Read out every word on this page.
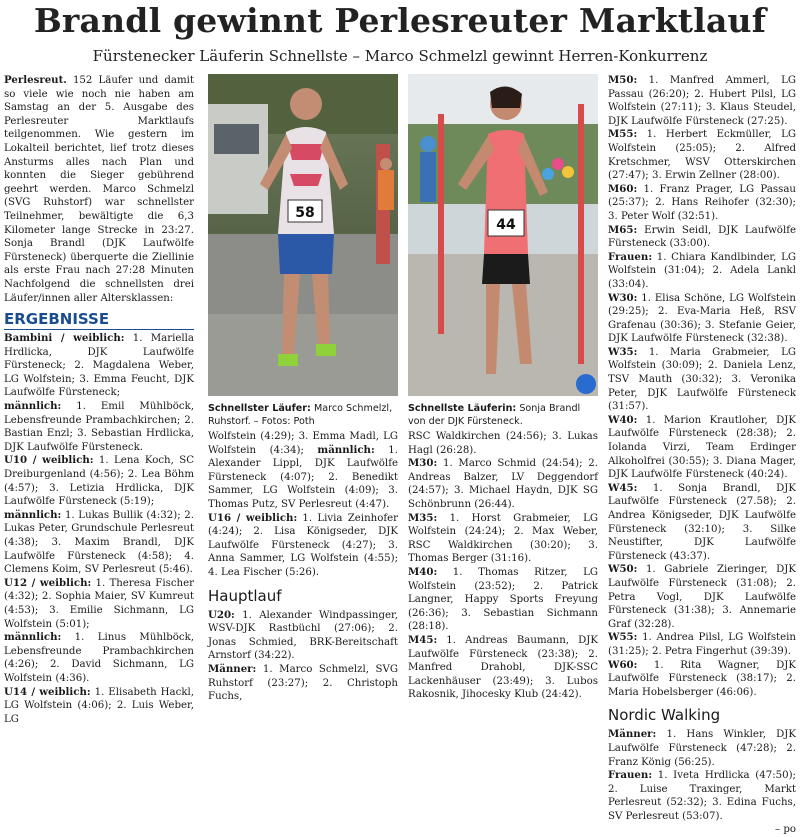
Brandl gewinnt Perlesreuter Marktlauf
Fürstenecker Läuferin Schnellste – Marco Schmelzl gewinnt Herren-Konkurrenz

Perlesreut. 152 Läufer und damit so viele wie noch nie haben am Samstag an der 5. Ausgabe des Perlesreuter Marktlaufs teilgenommen. Wie gestern im Lokalteil berichtet, lief trotz dieses Ansturms alles nach Plan und konnten die Sieger gebührend geehrt werden. Marco Schmelzl (SVG Ruhstorf) war schnellster Teilnehmer, bewältigte die 6,3 Kilometer lange Strecke in 23:27. Sonja Brandl (DJK Laufwölfe Fürsteneck) überquerte die Ziellinie als erste Frau nach 27:28 Minuten Nachfolgend die schnellsten drei Läufer/innen aller Altersklassen:

ERGEBNISSE

Bambini / weiblich: 1. Mariella Hrdlicka, DJK Laufwölfe Fürsteneck; 2. Magdalena Weber, LG Wolfstein; 3. Emma Feucht, DJK Laufwölfe Fürsteneck;

männlich: 1. Emil Mühlböck, Lebensfreunde Prambachkirchen; 2. Bastian Enzl; 3. Sebastian Hrdlicka, DJK Laufwölfe Fürsteneck.

U10 / weiblich: 1. Lena Koch, SC Dreiburgenland (4:56); 2. Lea Böhm (4:57); 3. Letizia Hrdlicka, DJK Laufwölfe Fürsteneck (5:19);

männlich: 1. Lukas Bullik (4:32); 2. Lukas Peter, Grundschule Perlesreut (4:38); 3. Maxim Brandl, DJK Laufwölfe Fürsteneck (4:58); 4. Clemens Koim, SV Perlesreut (5:46).

U12 / weiblich: 1. Theresa Fischer (4:32); 2. Sophia Maier, SV Kumreut (4:53); 3. Emilie Sichmann, LG Wolfstein (5:01);

männlich: 1. Linus Mühlböck, Lebensfreunde Prambachkirchen (4:26); 2. David Sichmann, LG Wolfstein (4:36).

U14 / weiblich: 1. Elisabeth Hackl, LG Wolfstein (4:06); 2. Luis Weber, LG

58
Schnellster Läufer: Marco Schmelzl, Ruhstorf. – Fotos: Poth
44
Schnellste Läuferin: Sonja Brandl von der DJK Fürsteneck.

Wolfstein (4:29); 3. Emma Madl, LG Wolfstein (4:34); männlich: 1. Alexander Lippl, DJK Laufwölfe Fürsteneck (4:07); 2. Benedikt Sammer, LG Wolfstein (4:09); 3. Thomas Putz, SV Perlesreut (4:47).

U16 / weiblich: 1. Livia Zeinhofer (4:24); 2. Lisa Königseder, DJK Laufwölfe Fürsteneck (4:27); 3. Anna Sammer, LG Wolfstein (4:55); 4. Lea Fischer (5:26).

Hauptlauf

U20: 1. Alexander Windpassinger, WSV-DJK Rastbüchl (27:06); 2. Jonas Schmied, BRK-Bereitschaft Arnstorf (34:22).

Männer: 1. Marco Schmelzl, SVG Ruhstorf (23:27); 2. Christoph Fuchs,

RSC Waldkirchen (24:56); 3. Lukas Hagl (26:28).

M30: 1. Marco Schmid (24:54); 2. Andreas Balzer, LV Deggendorf (24:57); 3. Michael Haydn, DJK SG Schönbrunn (26:44).

M35: 1. Horst Grabmeier, LG Wolfstein (24:24); 2. Max Weber, RSC Waldkirchen (30:20); 3. Thomas Berger (31:16).

M40: 1. Thomas Ritzer, LG Wolfstein (23:52); 2. Patrick Langner, Happy Sports Freyung (26:36); 3. Sebastian Sichmann (28:18).

M45: 1. Andreas Baumann, DJK Laufwölfe Fürsteneck (23:38); 2. Manfred Drahobl, DJK-SSC Lackenhäuser (23:49); 3. Lubos Rakosnik, Jihocesky Klub (24:42).

M50: 1. Manfred Ammerl, LG Passau (26:20); 2. Hubert Pilsl, LG Wolfstein (27:11); 3. Klaus Steudel, DJK Laufwölfe Fürsteneck (27:25).

M55: 1. Herbert Eckmüller, LG Wolfstein (25:05); 2. Alfred Kretschmer, WSV Otterskirchen (27:47); 3. Erwin Zellner (28:00).

M60: 1. Franz Prager, LG Passau (25:37); 2. Hans Reihofer (32:30); 3. Peter Wolf (32:51).

M65: Erwin Seidl, DJK Laufwölfe Fürsteneck (33:00).

Frauen: 1. Chiara Kandlbinder, LG Wolfstein (31:04); 2. Adela Lankl (33:04).

W30: 1. Elisa Schöne, LG Wolfstein (29:25); 2. Eva-Maria Heß, RSV Grafenau (30:36); 3. Stefanie Geier, DJK Laufwölfe Fürsteneck (32:38).

W35: 1. Maria Grabmeier, LG Wolfstein (30:09); 2. Daniela Lenz, TSV Mauth (30:32); 3. Veronika Peter, DJK Laufwölfe Fürsteneck (31:57).

W40: 1. Marion Krautloher, DJK Laufwölfe Fürsteneck (28:38); 2. Iolanda Virzi, Team Erdinger Alkoholfrei (30:55); 3. Diana Mager, DJK Laufwölfe Fürsteneck (40:24).

W45: 1. Sonja Brandl, DJK Laufwölfe Fürsteneck (27.58); 2. Andrea Königseder, DJK Laufwölfe Fürsteneck (32:10); 3. Silke Neustifter, DJK Laufwölfe Fürsteneck (43:37).

W50: 1. Gabriele Zieringer, DJK Laufwölfe Fürsteneck (31:08); 2. Petra Vogl, DJK Laufwölfe Fürsteneck (31:38); 3. Annemarie Graf (32:28).

W55: 1. Andrea Pilsl, LG Wolfstein (31:25); 2. Petra Fingerhut (39:39).

W60: 1. Rita Wagner, DJK Laufwölfe Fürsteneck (38:17); 2. Maria Hobelsberger (46:06).

Nordic Walking

Männer: 1. Hans Winkler, DJK Laufwölfe Fürsteneck (47:28); 2. Franz König (56:25).

Frauen: 1. Iveta Hrdlicka (47:50); 2. Luise Traxinger, Markt Perlesreut (52:32); 3. Edina Fuchs, SV Perlesreut (53:07).

– po
